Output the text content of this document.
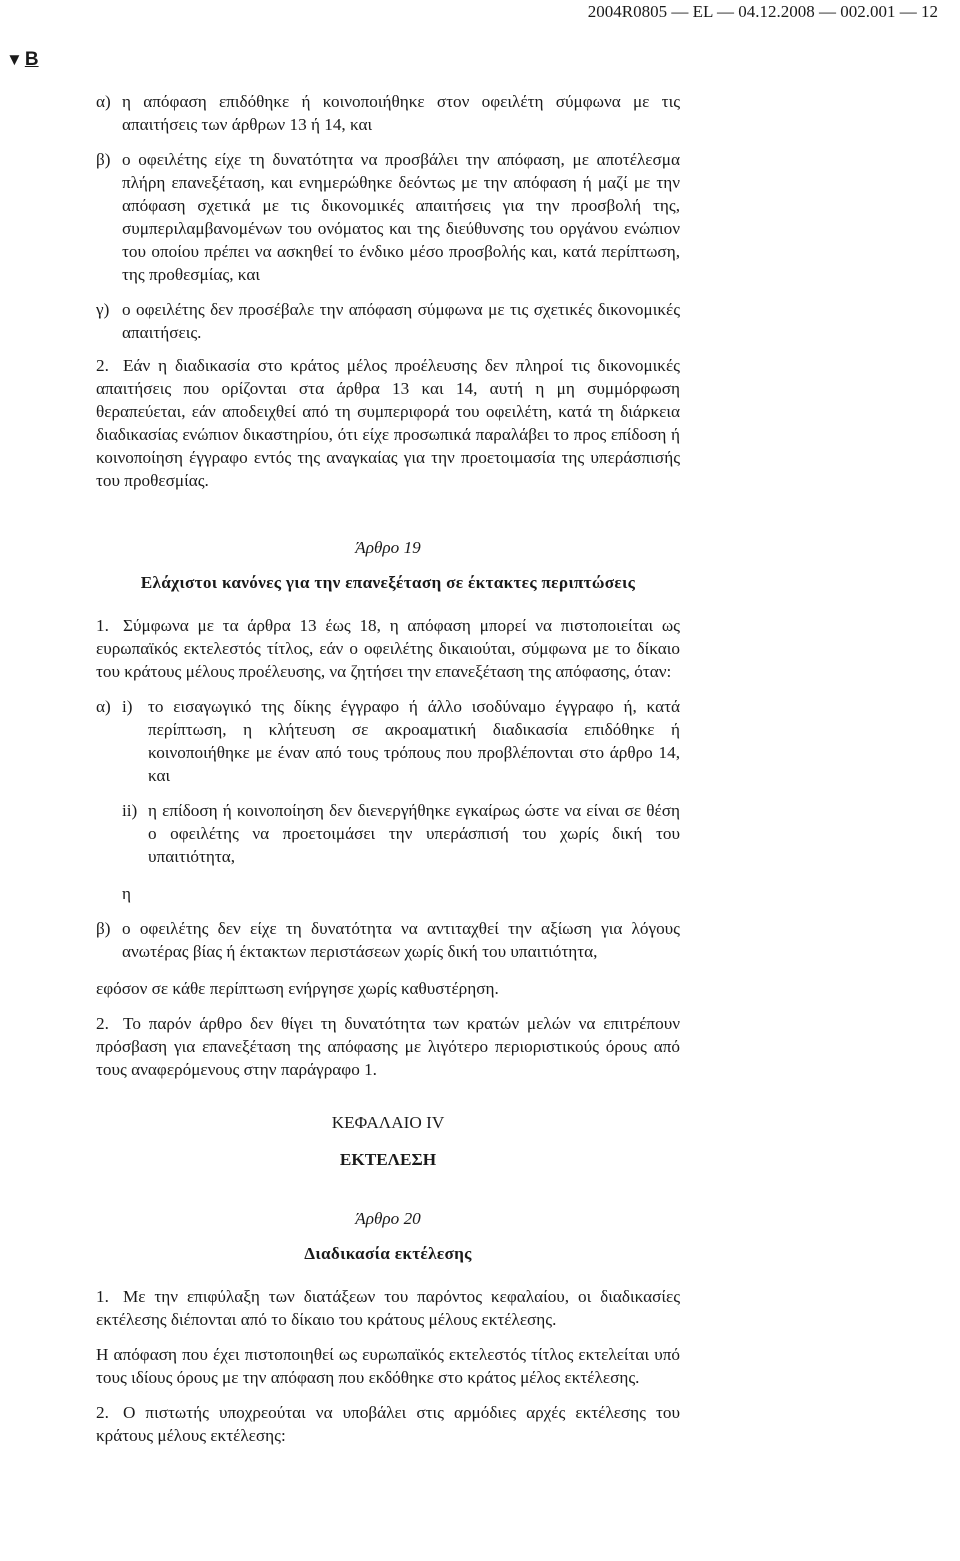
2004R0805 — EL — 04.12.2008 — 002.001 — 12
▼ B
α) η απόφαση επιδόθηκε ή κοινοποιήθηκε στον οφειλέτη σύμφωνα με τις απαιτήσεις των άρθρων 13 ή 14, και
β) ο οφειλέτης είχε τη δυνατότητα να προσβάλει την απόφαση, με αποτέλεσμα πλήρη επανεξέταση, και ενημερώθηκε δεόντως με την απόφαση ή μαζί με την απόφαση σχετικά με τις δικονομικές απαιτήσεις για την προσβολή της, συμπεριλαμβανομένων του ονόματος και της διεύθυνσης του οργάνου ενώπιον του οποίου πρέπει να ασκηθεί το ένδικο μέσο προσβολής και, κατά περίπτωση, της προθεσμίας, και
γ) ο οφειλέτης δεν προσέβαλε την απόφαση σύμφωνα με τις σχετικές δικονομικές απαιτήσεις.

2. Εάν η διαδικασία στο κράτος μέλος προέλευσης δεν πληροί τις δικονομικές απαιτήσεις που ορίζονται στα άρθρα 13 και 14, αυτή η μη συμμόρφωση θεραπεύεται, εάν αποδειχθεί από τη συμπεριφορά του οφειλέτη, κατά τη διάρκεια διαδικασίας ενώπιον δικαστηρίου, ότι είχε προσωπικά παραλάβει το προς επίδοση ή κοινοποίηση έγγραφο εντός της αναγκαίας για την προετοιμασία της υπεράσπισής του προθεσμίας.

Άρθρο 19
Ελάχιστοι κανόνες για την επανεξέταση σε έκτακτες περιπτώσεις

1. Σύμφωνα με τα άρθρα 13 έως 18, η απόφαση μπορεί να πιστοποιείται ως ευρωπαϊκός εκτελεστός τίτλος, εάν ο οφειλέτης δικαιούται, σύμφωνα με το δίκαιο του κράτους μέλους προέλευσης, να ζητήσει την επανεξέταση της απόφασης, όταν:

α) i) το εισαγωγικό της δίκης έγγραφο ή άλλο ισοδύναμο έγγραφο ή, κατά περίπτωση, η κλήτευση σε ακροαματική διαδικασία επιδόθηκε ή κοινοποιήθηκε με έναν από τους τρόπους που προβλέπονται στο άρθρο 14, και
ii) η επίδοση ή κοινοποίηση δεν διενεργήθηκε εγκαίρως ώστε να είναι σε θέση ο οφειλέτης να προετοιμάσει την υπεράσπισή του χωρίς δική του υπαιτιότητα,
η
β) ο οφειλέτης δεν είχε τη δυνατότητα να αντιταχθεί την αξίωση για λόγους ανωτέρας βίας ή έκτακτων περιστάσεων χωρίς δική του υπαιτιότητα,

εφόσον σε κάθε περίπτωση ενήργησε χωρίς καθυστέρηση.

2. Το παρόν άρθρο δεν θίγει τη δυνατότητα των κρατών μελών να επιτρέπουν πρόσβαση για επανεξέταση της απόφασης με λιγότερο περιοριστικούς όρους από τους αναφερόμενους στην παράγραφο 1.

ΚΕΦΑΛΑΙΟ IV
ΕΚΤΕΛΕΣΗ
Άρθρο 20
Διαδικασία εκτέλεσης

1. Με την επιφύλαξη των διατάξεων του παρόντος κεφαλαίου, οι διαδικασίες εκτέλεσης διέπονται από το δίκαιο του κράτους μέλους εκτέλεσης.

Η απόφαση που έχει πιστοποιηθεί ως ευρωπαϊκός εκτελεστός τίτλος εκτελείται υπό τους ιδίους όρους με την απόφαση που εκδόθηκε στο κράτος μέλος εκτέλεσης.

2. Ο πιστωτής υποχρεούται να υποβάλει στις αρμόδιες αρχές εκτέλεσης του κράτους μέλους εκτέλεσης:
